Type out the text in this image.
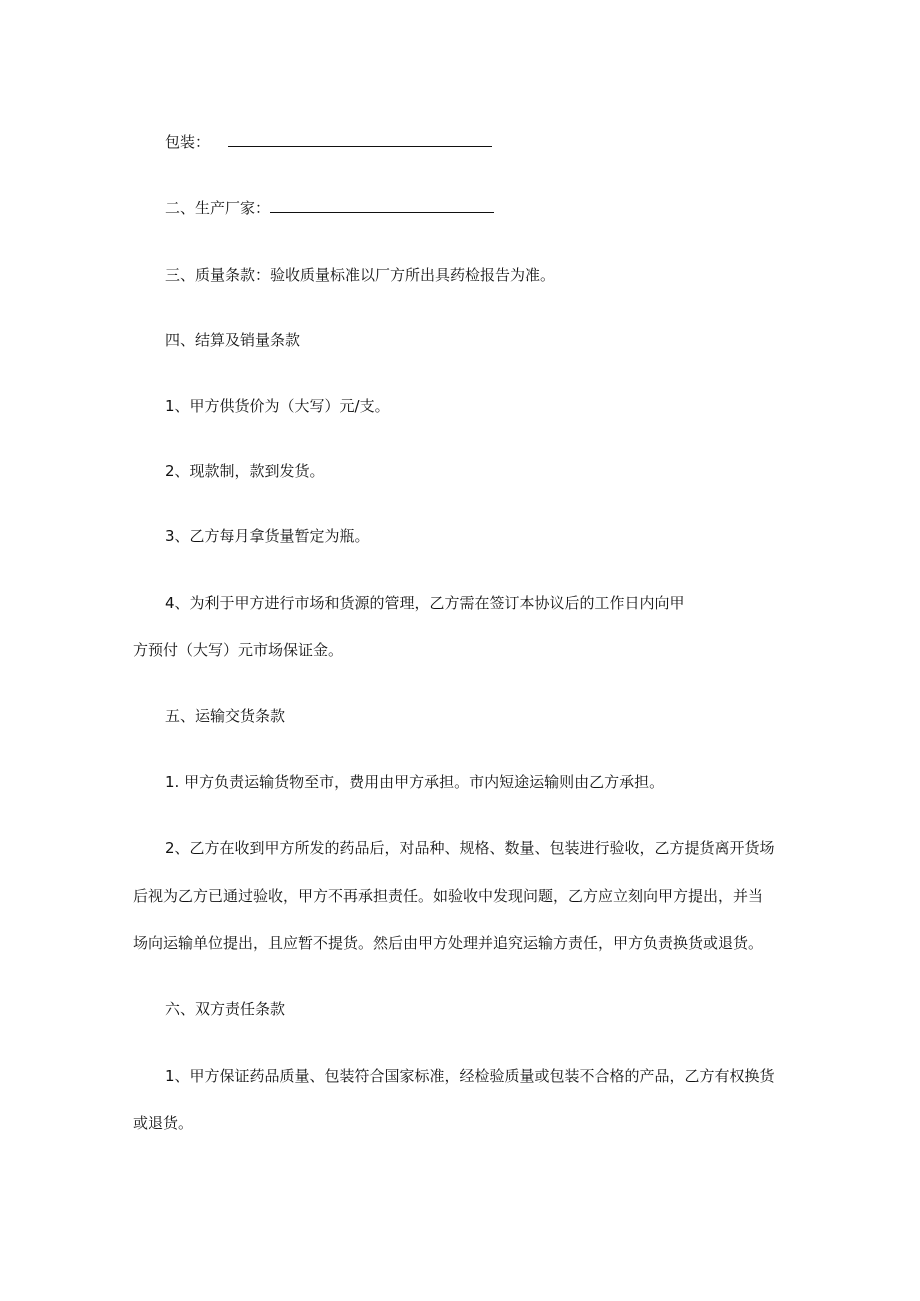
包装：
二、生产厂家：
三、质量条款：验收质量标准以厂方所出具药检报告为准。
四、结算及销量条款
1、甲方供货价为（大写）元/支。
2、现款制，款到发货。
3、乙方每月拿货量暂定为瓶。
4、为利于甲方进行市场和货源的管理，乙方需在签订本协议后的工作日内向甲
方预付（大写）元市场保证金。
五、运输交货条款
1. 甲方负责运输货物至市，费用由甲方承担。市内短途运输则由乙方承担。
2、乙方在收到甲方所发的药品后，对品种、规格、数量、包装进行验收，乙方提货离开货场
后视为乙方已通过验收，甲方不再承担责任。如验收中发现问题，乙方应立刻向甲方提出，并当
场向运输单位提出，且应暂不提货。然后由甲方处理并追究运输方责任，甲方负责换货或退货。
六、双方责任条款
1、甲方保证药品质量、包装符合国家标准，经检验质量或包装不合格的产品，乙方有权换货
或退货。
